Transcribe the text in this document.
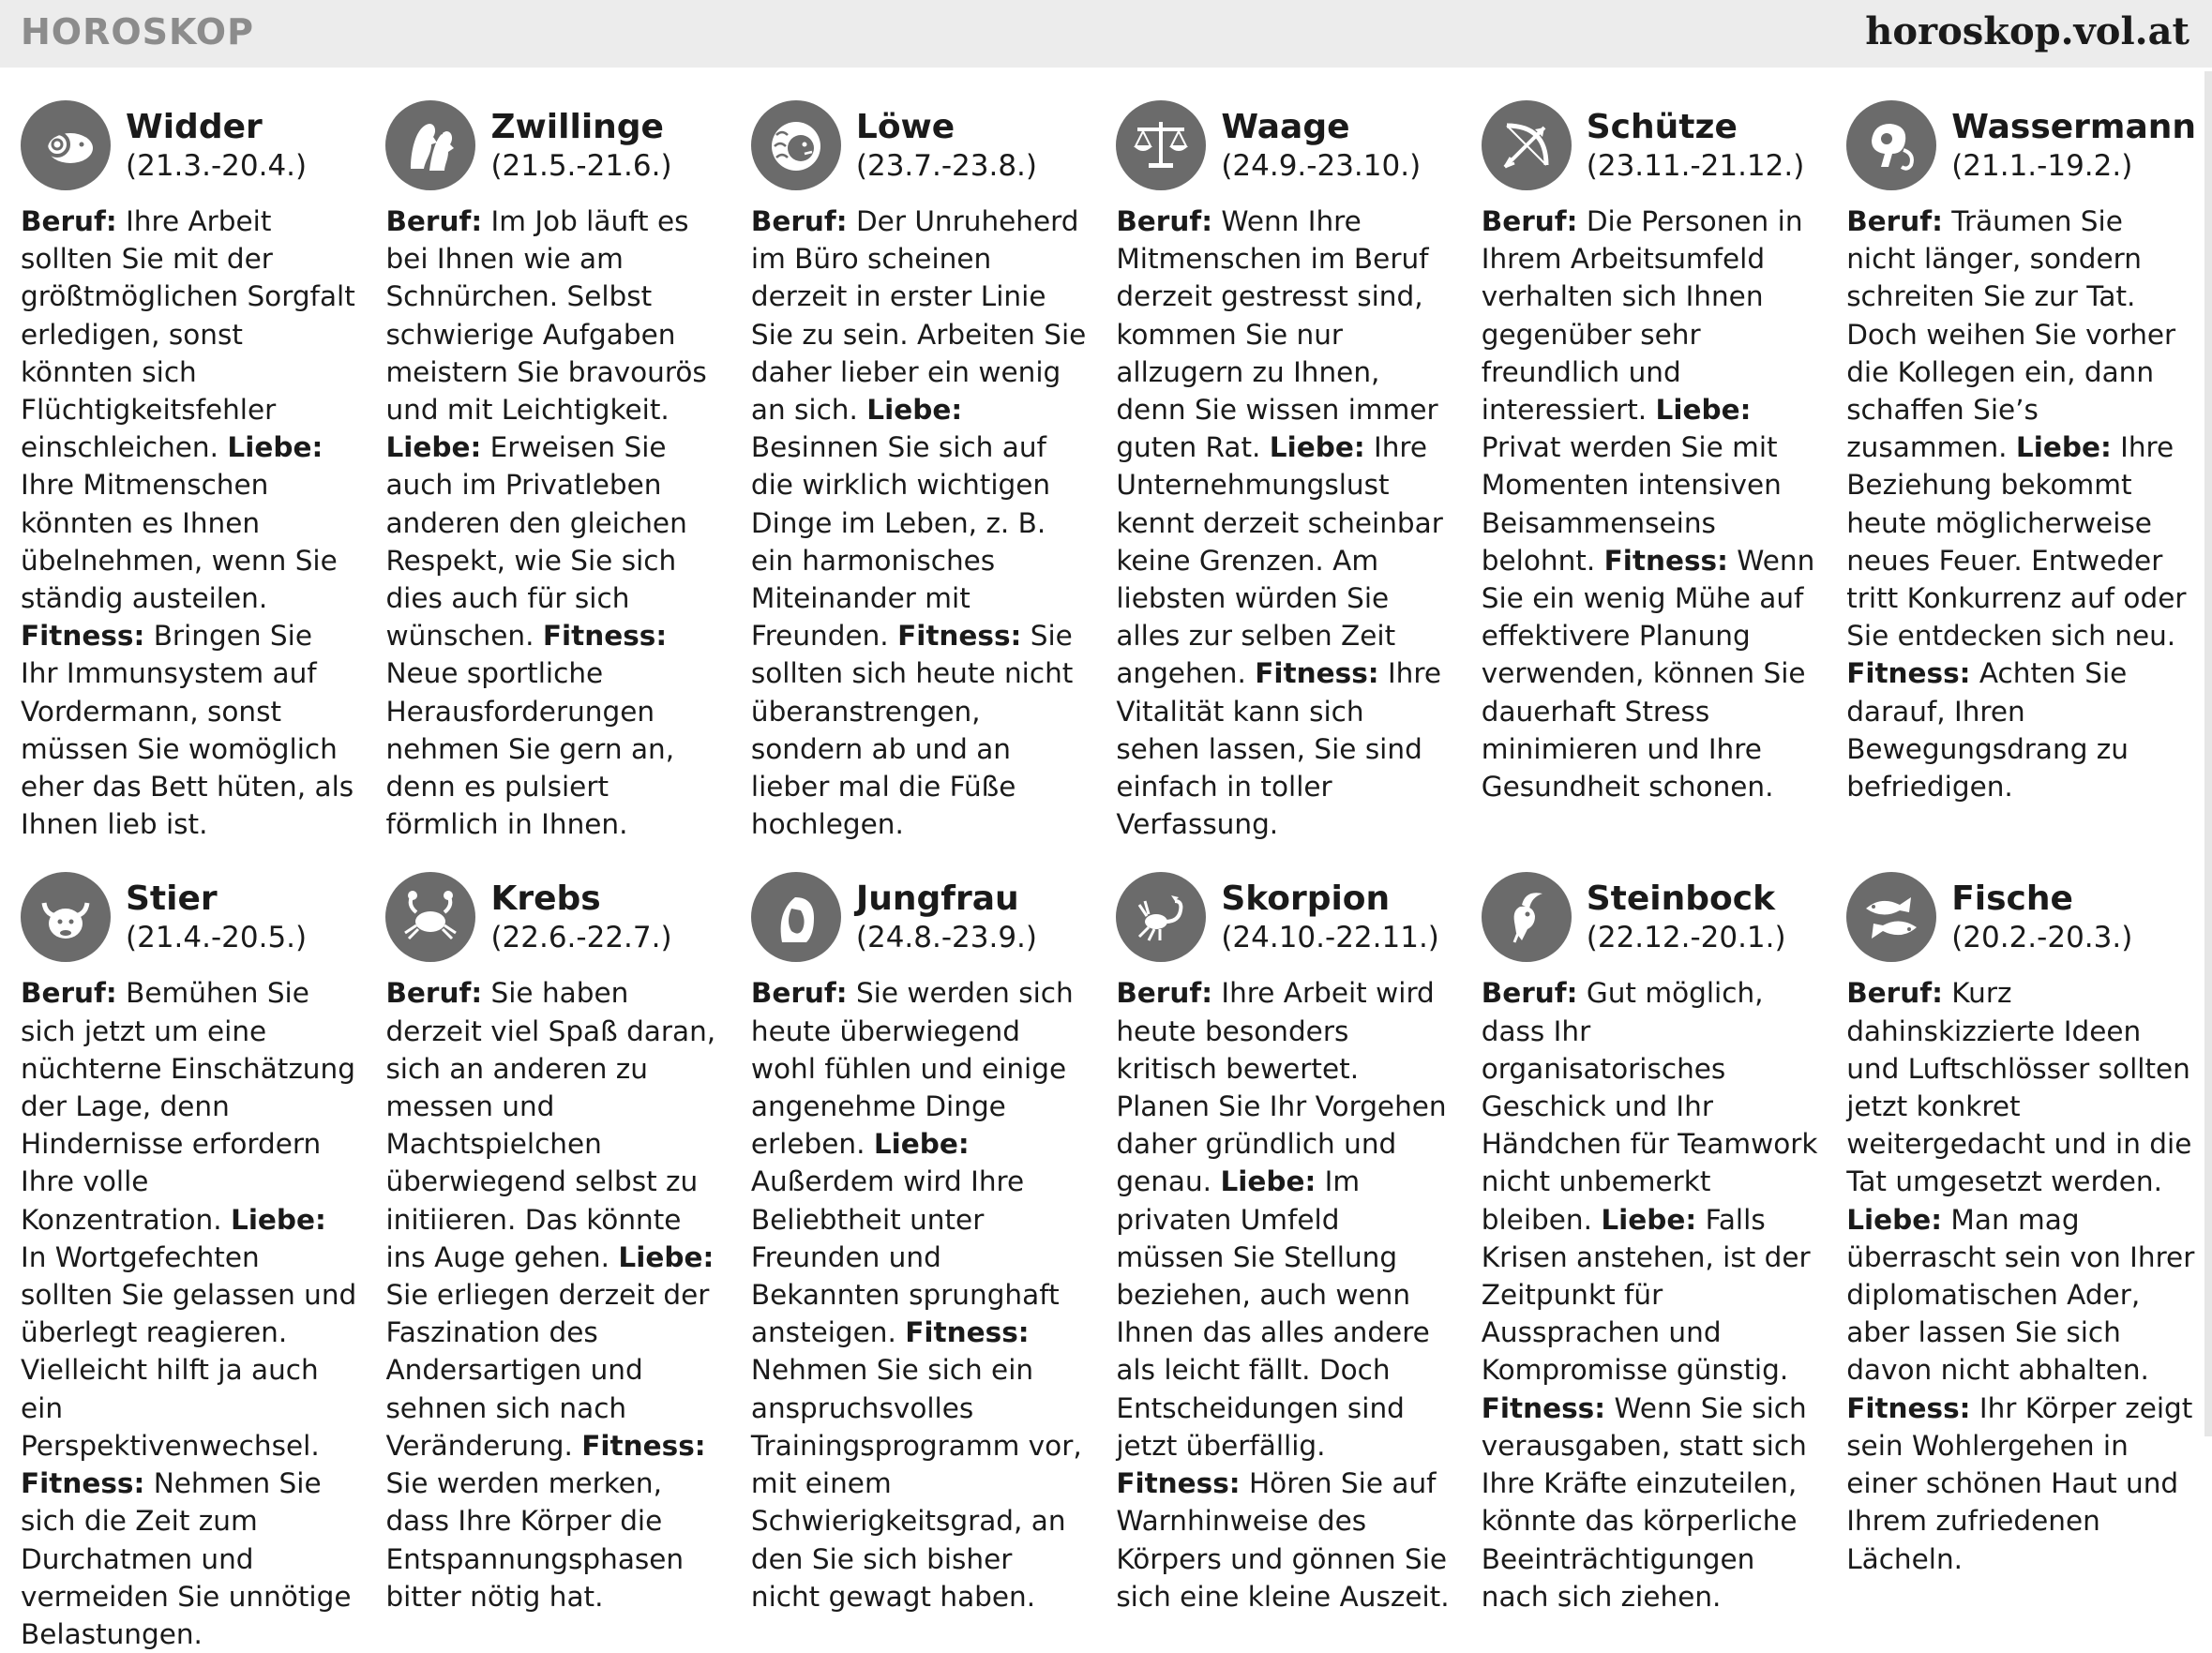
HOROSKOP	horoskop.vol.at
Widder
(21.3.-20.4.)

Beruf: Ihre Arbeit sollten Sie mit der größtmöglichen Sorgfalt erledigen, sonst könnten sich Flüchtigkeitsfehler einschleichen. Liebe: Ihre Mitmenschen könnten es Ihnen übelnehmen, wenn Sie ständig austeilen. Fitness: Bringen Sie Ihr Immunsystem auf Vordermann, sonst müssen Sie womöglich eher das Bett hüten, als Ihnen lieb ist.

Zwillinge
(21.5.-21.6.)

Beruf: Im Job läuft es bei Ihnen wie am Schnürchen. Selbst schwierige Aufgaben meistern Sie bravourös und mit Leichtigkeit. Liebe: Erweisen Sie auch im Privatleben anderen den gleichen Respekt, wie Sie sich dies auch für sich wünschen. Fitness: Neue sportliche Herausforderungen nehmen Sie gern an, denn es pulsiert förmlich in Ihnen.

Löwe
(23.7.-23.8.)

Beruf: Der Unruheherd im Büro scheinen derzeit in erster Linie Sie zu sein. Arbeiten Sie daher lieber ein wenig an sich. Liebe: Besinnen Sie sich auf die wirklich wichtigen Dinge im Leben, z. B. ein harmonisches Miteinander mit Freunden. Fitness: Sie sollten sich heute nicht überanstrengen, sondern ab und an lieber mal die Füße hochlegen.

Waage
(24.9.-23.10.)

Beruf: Wenn Ihre Mitmenschen im Beruf derzeit gestresst sind, kommen Sie nur allzugern zu Ihnen, denn Sie wissen immer guten Rat. Liebe: Ihre Unternehmungslust kennt derzeit scheinbar keine Grenzen. Am liebsten würden Sie alles zur selben Zeit angehen. Fitness: Ihre Vitalität kann sich sehen lassen, Sie sind einfach in toller Verfassung.

Schütze
(23.11.-21.12.)

Beruf: Die Personen in Ihrem Arbeitsumfeld verhalten sich Ihnen gegenüber sehr freundlich und interessiert. Liebe: Privat werden Sie mit Momenten intensiven Beisammenseins belohnt. Fitness: Wenn Sie ein wenig Mühe auf effektivere Planung verwenden, können Sie dauerhaft Stress minimieren und Ihre Gesundheit schonen.

Wassermann
(21.1.-19.2.)

Beruf: Träumen Sie nicht länger, sondern schreiten Sie zur Tat. Doch weihen Sie vorher die Kollegen ein, dann schaffen Sie’s zusammen. Liebe: Ihre Beziehung bekommt heute möglicherweise neues Feuer. Entweder tritt Konkurrenz auf oder Sie entdecken sich neu. Fitness: Achten Sie darauf, Ihren Bewegungsdrang zu befriedigen.

Stier
(21.4.-20.5.)

Beruf: Bemühen Sie sich jetzt um eine nüchterne Einschätzung der Lage, denn Hindernisse erfordern Ihre volle Konzentration. Liebe: In Wortgefechten sollten Sie gelassen und überlegt reagieren. Vielleicht hilft ja auch ein Perspektivenwechsel. Fitness: Nehmen Sie sich die Zeit zum Durchatmen und vermeiden Sie unnötige Belastungen.

Krebs
(22.6.-22.7.)

Beruf: Sie haben derzeit viel Spaß daran, sich an anderen zu messen und Machtspielchen überwiegend selbst zu initiieren. Das könnte ins Auge gehen. Liebe: Sie erliegen derzeit der Faszination des Andersartigen und sehnen sich nach Veränderung. Fitness: Sie werden merken, dass Ihre Körper die Entspannungsphasen bitter nötig hat.

Jungfrau
(24.8.-23.9.)

Beruf: Sie werden sich heute überwiegend wohl fühlen und einige angenehme Dinge erleben. Liebe: Außerdem wird Ihre Beliebtheit unter Freunden und Bekannten sprunghaft ansteigen. Fitness: Nehmen Sie sich ein anspruchsvolles Trainingsprogramm vor, mit einem Schwierigkeitsgrad, an den Sie sich bisher nicht gewagt haben.

Skorpion
(24.10.-22.11.)

Beruf: Ihre Arbeit wird heute besonders kritisch bewertet. Planen Sie Ihr Vorgehen daher gründlich und genau. Liebe: Im privaten Umfeld müssen Sie Stellung beziehen, auch wenn Ihnen das alles andere als leicht fällt. Doch Entscheidungen sind jetzt überfällig. Fitness: Hören Sie auf Warnhinweise des Körpers und gönnen Sie sich eine kleine Auszeit.

Steinbock
(22.12.-20.1.)

Beruf: Gut möglich, dass Ihr organisatorisches Geschick und Ihr Händchen für Teamwork nicht unbemerkt bleiben. Liebe: Falls Krisen anstehen, ist der Zeitpunkt für Aussprachen und Kompromisse günstig. Fitness: Wenn Sie sich verausgaben, statt sich Ihre Kräfte einzuteilen, könnte das körperliche Beeinträchtigungen nach sich ziehen.

Fische
(20.2.-20.3.)

Beruf: Kurz dahinskizzierte Ideen und Luftschlösser sollten jetzt konkret weitergedacht und in die Tat umgesetzt werden. Liebe: Man mag überrascht sein von Ihrer diplomatischen Ader, aber lassen Sie sich davon nicht abhalten. Fitness: Ihr Körper zeigt sein Wohlergehen in einer schönen Haut und Ihrem zufriedenen Lächeln.
